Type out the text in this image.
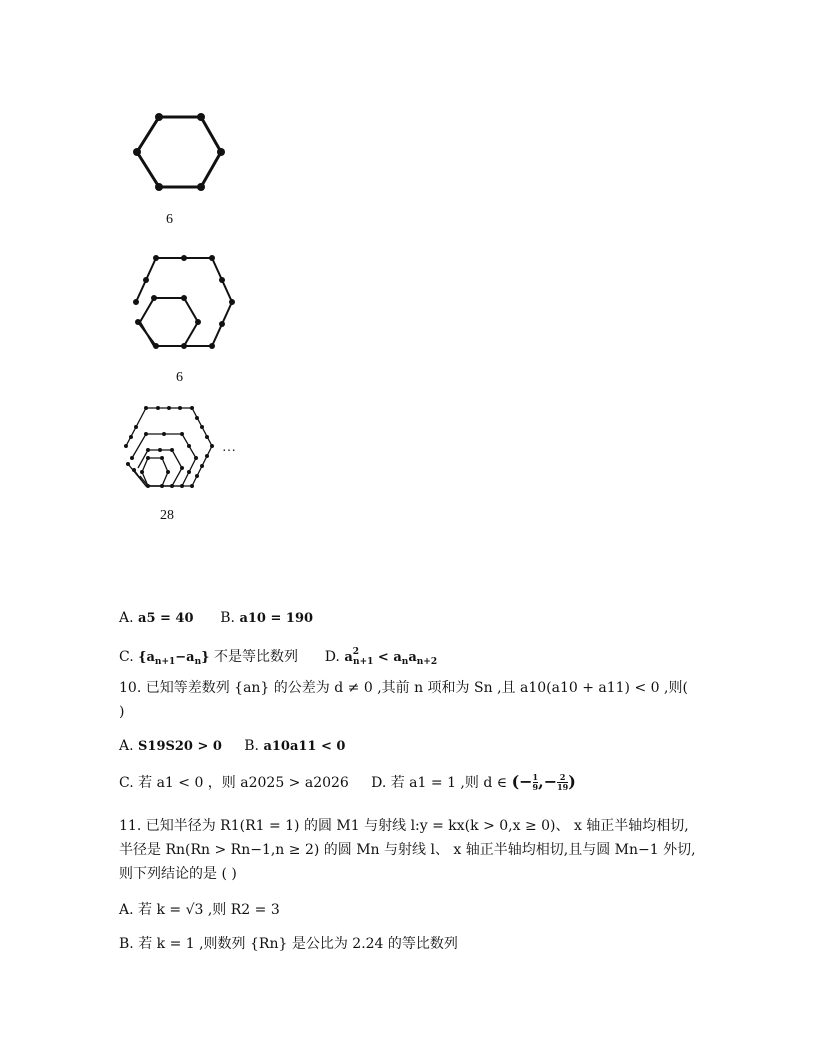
6
6
…
28
A. a5 = 40 B. a10 = 190
C. $\{a_{n+1}-a_n\}$ 不是等比数列 D. $a^2_{n+1} < a_na_{n+2}$
10. 已知等差数列 {an} 的公差为 d ≠ 0 ,其前 n 项和为 Sn ,且 a10(a10 + a11) < 0 ,则(
)
A. S19S20 > 0 B. a10a11 < 0
C. 若 a1 < 0 ，则 a2025 > a2026 D. 若 a1 = 1 ,则 d ∈ (− $\frac{1}{9}$ ,− $\frac{2}{19}$ )
11. 已知半径为 R1(R1 = 1) 的圆 M1 与射线 l:y = kx(k > 0,x ≥ 0)、 x 轴正半轴均相切,
半径是 Rn(Rn > Rn−1,n ≥ 2) 的圆 Mn 与射线 l、 x 轴正半轴均相切,且与圆 Mn−1 外切,
则下列结论的是 ( )
A. 若 k = √3 ,则 R2 = 3
B. 若 k = 1 ,则数列 {Rn} 是公比为 2.24 的等比数列
